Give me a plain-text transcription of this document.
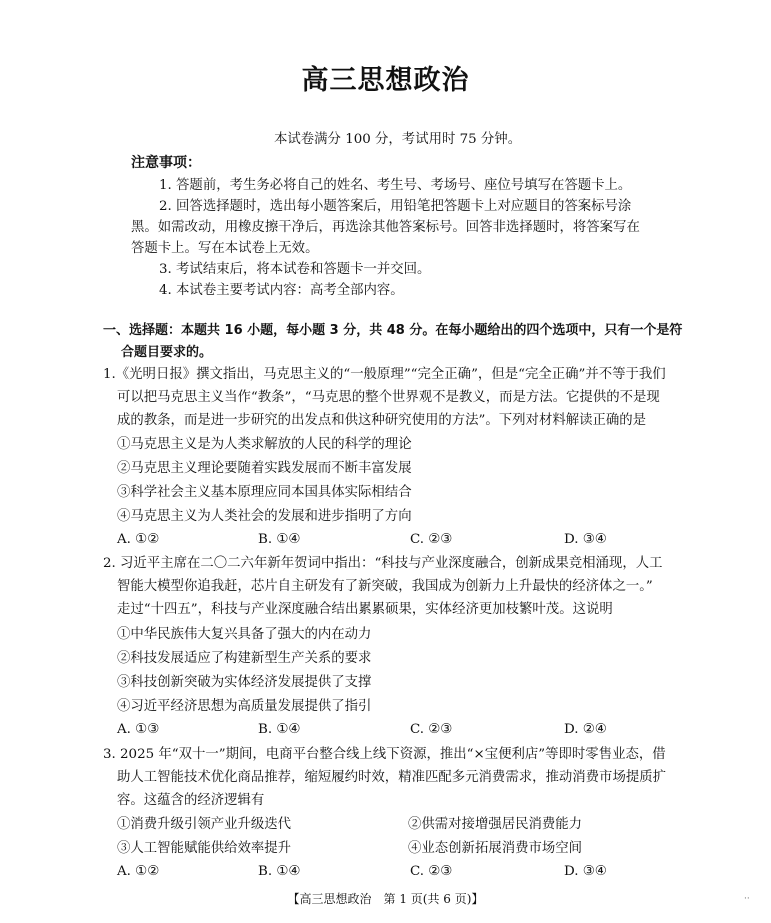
高三思想政治
本试卷满分 100 分，考试用时 75 分钟。
注意事项：
1. 答题前，考生务必将自己的姓名、考生号、考场号、座位号填写在答题卡上。
2. 回答选择题时，选出每小题答案后，用铅笔把答题卡上对应题目的答案标号涂
黑。如需改动，用橡皮擦干净后，再选涂其他答案标号。回答非选择题时，将答案写在
答题卡上。写在本试卷上无效。
3. 考试结束后，将本试卷和答题卡一并交回。
4. 本试卷主要考试内容：高考全部内容。
一、选择题：本题共 16 小题，每小题 3 分，共 48 分。在每小题给出的四个选项中，只有一个是符
合题目要求的。
1.《光明日报》撰文指出，马克思主义的“一般原理”“完全正确”，但是“完全正确”并不等于我们
可以把马克思主义当作“教条”，“马克思的整个世界观不是教义，而是方法。它提供的不是现
成的教条，而是进一步研究的出发点和供这种研究使用的方法”。下列对材料解读正确的是
①马克思主义是为人类求解放的人民的科学的理论
②马克思主义理论要随着实践发展而不断丰富发展
③科学社会主义基本原理应同本国具体实际相结合
④马克思主义为人类社会的发展和进步指明了方向
A. ①②	B. ①④	C. ②③	D. ③④
2. 习近平主席在二〇二六年新年贺词中指出：“科技与产业深度融合，创新成果竞相涌现，人工
智能大模型你追我赶，芯片自主研发有了新突破，我国成为创新力上升最快的经济体之一。”
走过“十四五”，科技与产业深度融合结出累累硕果，实体经济更加枝繁叶茂。这说明
①中华民族伟大复兴具备了强大的内在动力
②科技发展适应了构建新型生产关系的要求
③科技创新突破为实体经济发展提供了支撑
④习近平经济思想为高质量发展提供了指引
A. ①③	B. ①④	C. ②③	D. ②④
3. 2025 年“双十一”期间，电商平台整合线上线下资源，推出“×宝便利店”等即时零售业态，借
助人工智能技术优化商品推荐，缩短履约时效，精准匹配多元消费需求，推动消费市场提质扩
容。这蕴含的经济逻辑有
①消费升级引领产业升级迭代	②供需对接增强居民消费能力
③人工智能赋能供给效率提升	④业态创新拓展消费市场空间
A. ①②	B. ①④	C. ②③	D. ③④
【高三思想政治　第 1 页(共 6 页)】	··
